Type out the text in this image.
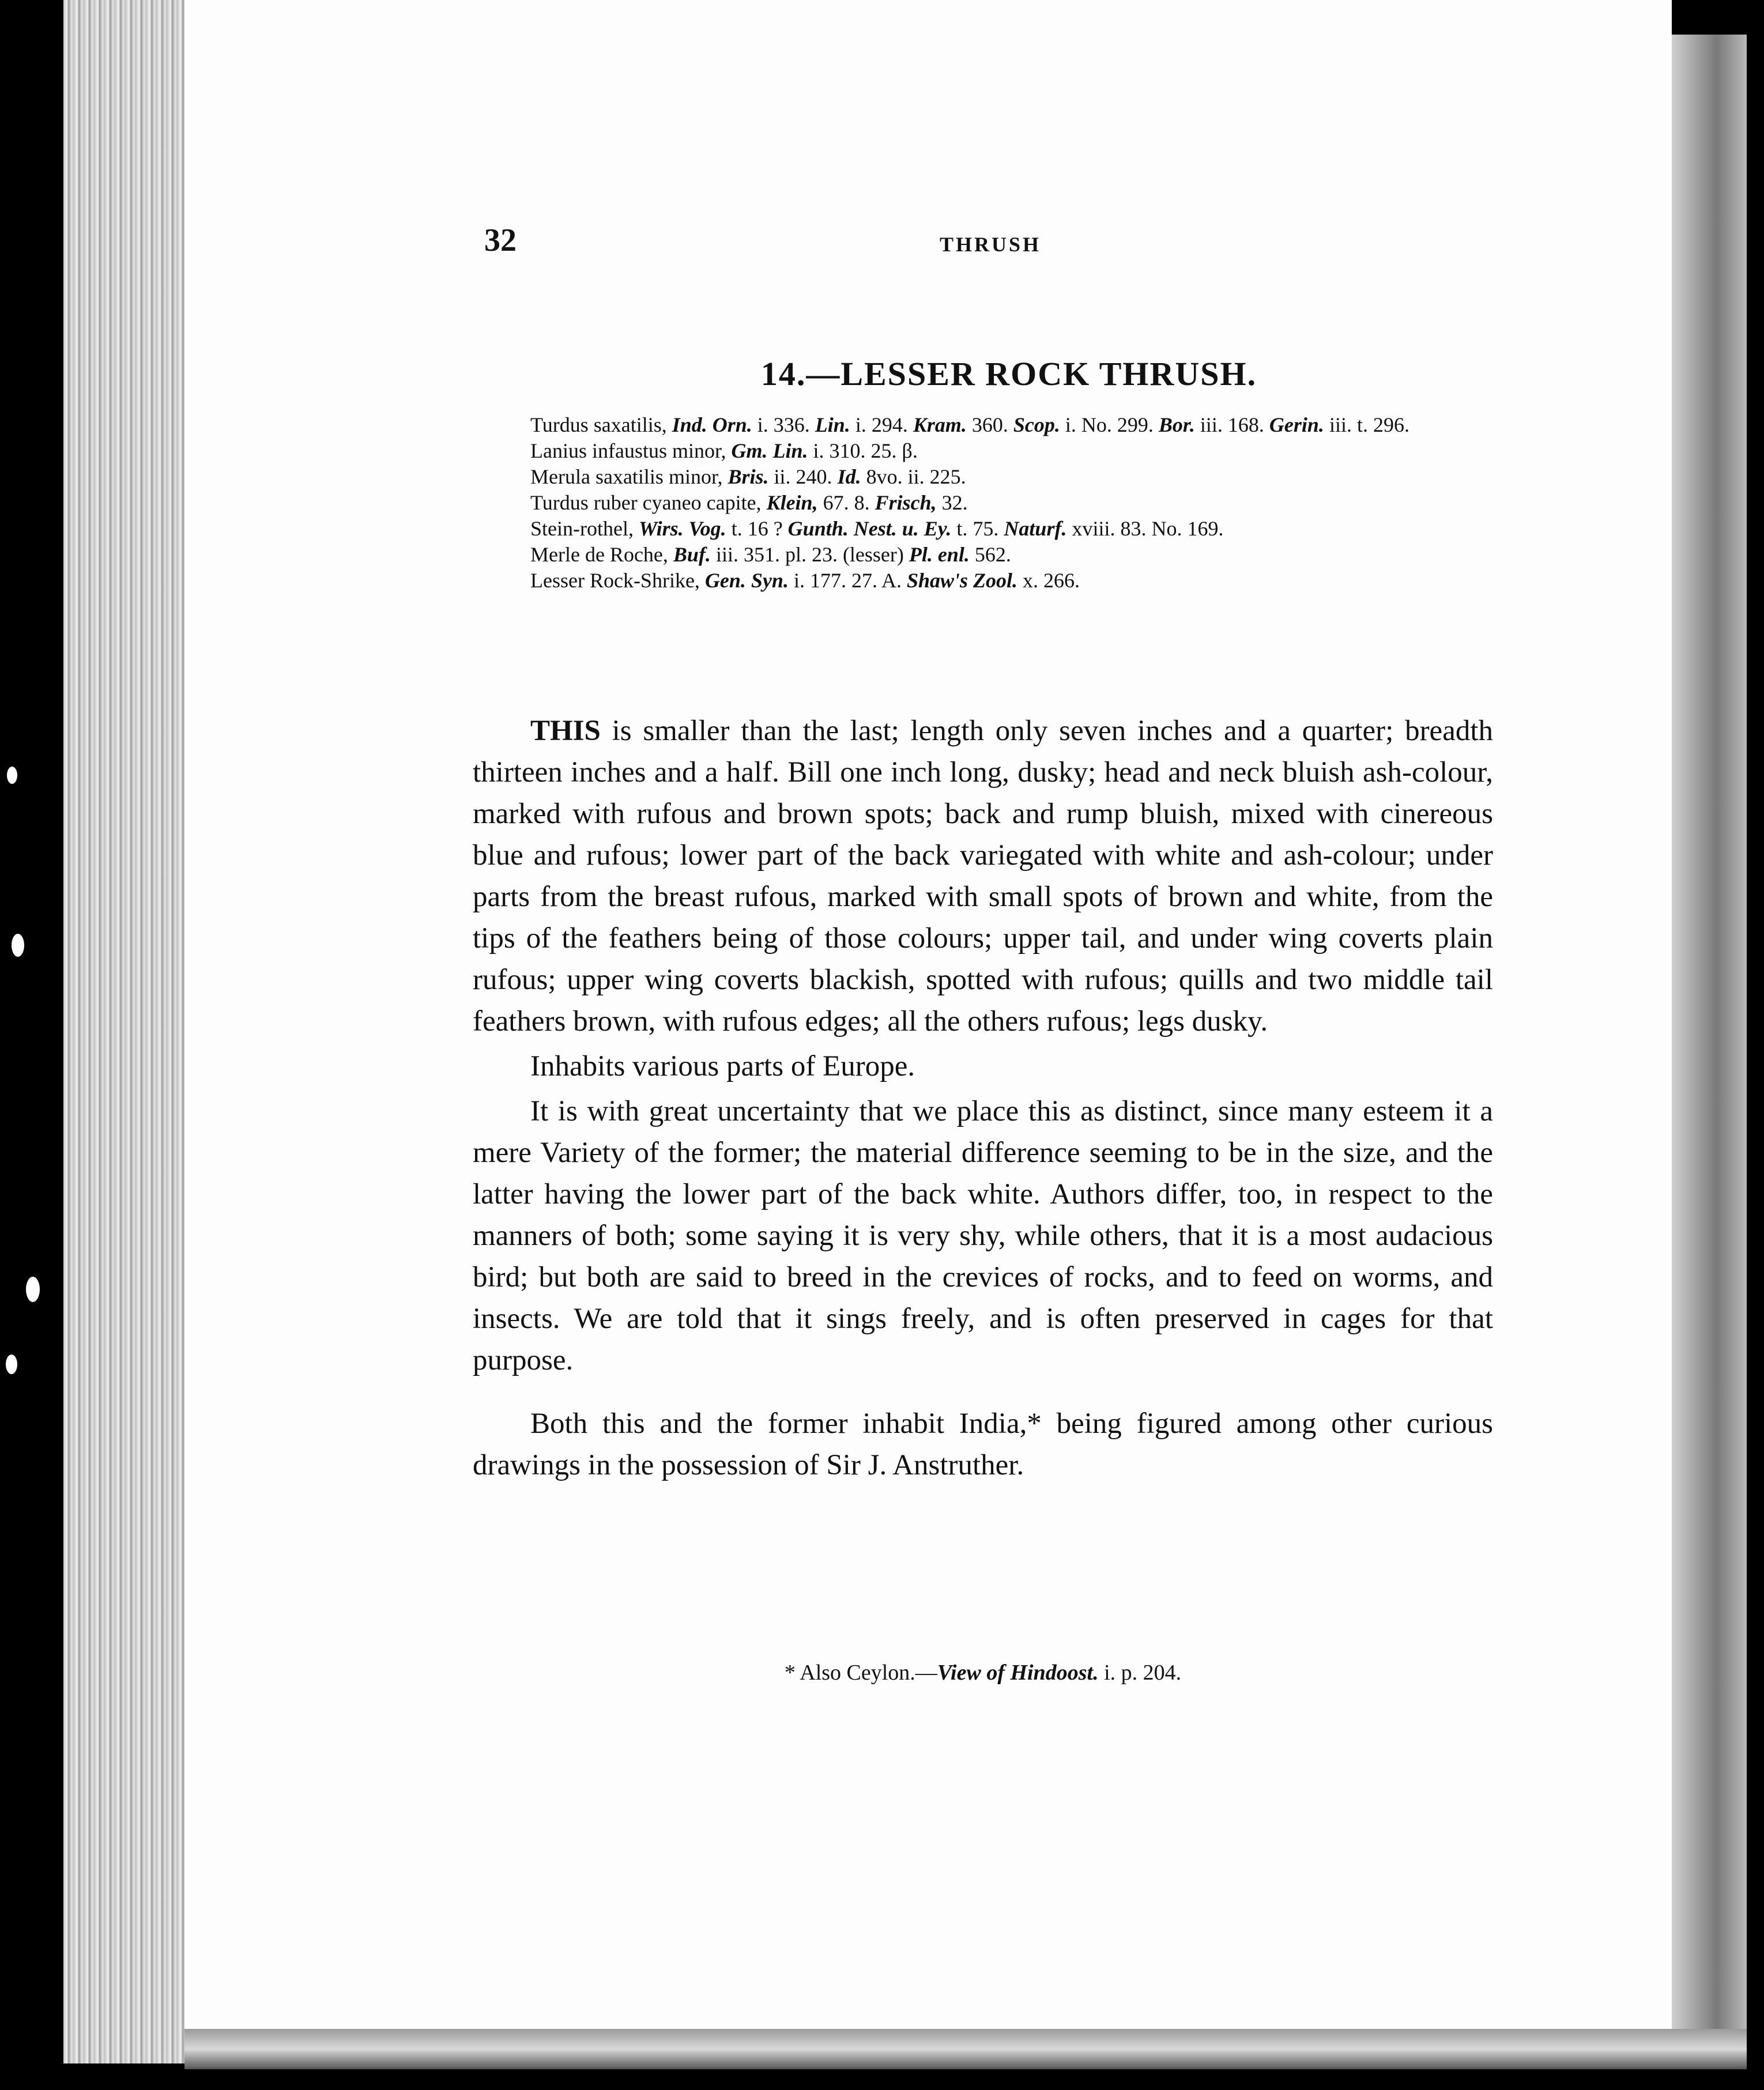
32	THRUSH
14.—LESSER ROCK THRUSH.
Turdus saxatilis, Ind. Orn. i. 336. Lin. i. 294. Kram. 360. Scop. i. No. 299. Bor. iii. 168. Gerin. iii. t. 296.
Lanius infaustus minor, Gm. Lin. i. 310. 25. β.
Merula saxatilis minor, Bris. ii. 240. Id. 8vo. ii. 225.
Turdus ruber cyaneo capite, Klein, 67. 8. Frisch, 32.
Stein-rothel, Wirs. Vog. t. 16 ? Gunth. Nest. u. Ey. t. 75. Naturf. xviii. 83. No. 169.
Merle de Roche, Buf. iii. 351. pl. 23. (lesser) Pl. enl. 562.
Lesser Rock-Shrike, Gen. Syn. i. 177. 27. A. Shaw's Zool. x. 266.

THIS is smaller than the last; length only seven inches and a quarter; breadth thirteen inches and a half. Bill one inch long, dusky; head and neck bluish ash-colour, marked with rufous and brown spots; back and rump bluish, mixed with cinereous blue and rufous; lower part of the back variegated with white and ash-colour; under parts from the breast rufous, marked with small spots of brown and white, from the tips of the feathers being of those colours; upper tail, and under wing coverts plain rufous; upper wing coverts blackish, spotted with rufous; quills and two middle tail feathers brown, with rufous edges; all the others rufous; legs dusky.

Inhabits various parts of Europe.

It is with great uncertainty that we place this as distinct, since many esteem it a mere Variety of the former; the material difference seeming to be in the size, and the latter having the lower part of the back white. Authors differ, too, in respect to the manners of both; some saying it is very shy, while others, that it is a most audacious bird; but both are said to breed in the crevices of rocks, and to feed on worms, and insects. We are told that it sings freely, and is often preserved in cages for that purpose.

Both this and the former inhabit India,* being figured among other curious drawings in the possession of Sir J. Anstruther.

* Also Ceylon.—View of Hindoost. i. p. 204.
